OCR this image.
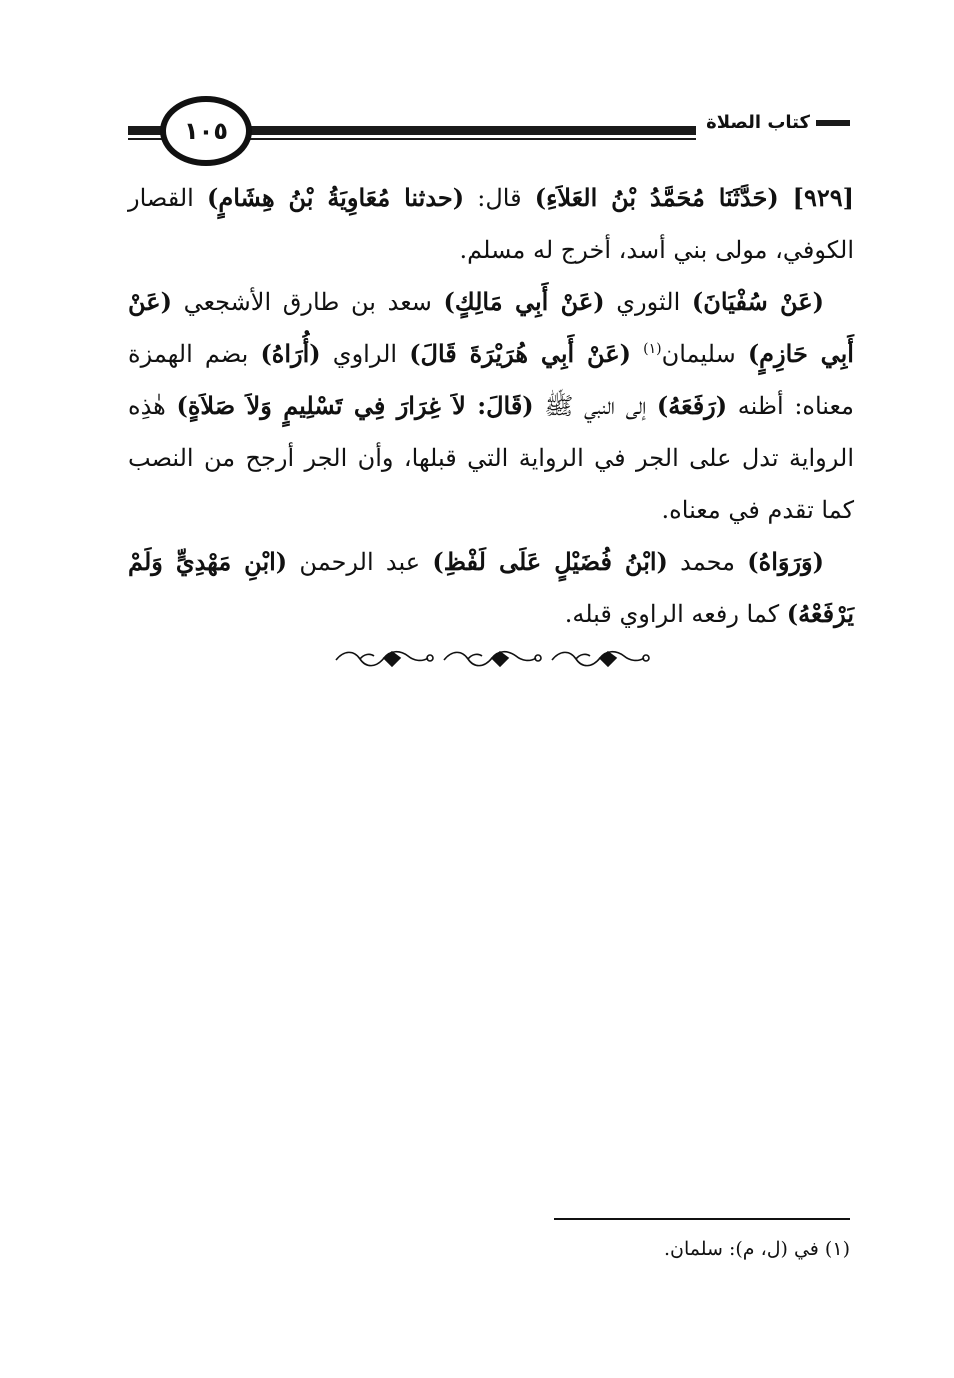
كتاب الصلاة
١٠٥

[٩٢٩] (حَدَّثَنَا مُحَمَّدُ بْنُ العَلاَءِ) قال: (حدثنا مُعَاوِيَةُ بْنُ هِشَامٍ) القصار الكوفي، مولى بني أسد، أخرج له مسلم.

(عَنْ سُفْيَانَ) الثوري (عَنْ أَبِي مَالِكٍ) سعد بن طارق الأشجعي (عَنْ أَبِي حَازِمٍ) سليمان$^{(١)}$ (عَنْ أَبِي هُرَيْرَةَ قَالَ) الراوي (أُرَاهُ) بضم الهمزة معناه: أظنه (رَفَعَهُ) إلى النبي ﷺ (قَالَ: لاَ غِرَارَ فِي تَسْلِيمٍ وَلاَ صَلاَةٍ) هٰذِه الرواية تدل على الجر في الرواية التي قبلها، وأن الجر أرجح من النصب كما تقدم في معناه.

(وَرَوَاهُ) محمد (ابْنُ فُضَيْلٍ عَلَى لَفْظِ) عبد الرحمن (ابْنِ مَهْدِيٍّ وَلَمْ يَرْفَعْهُ) كما رفعه الراوي قبله.

(١) في (ل، م): سلمان.
